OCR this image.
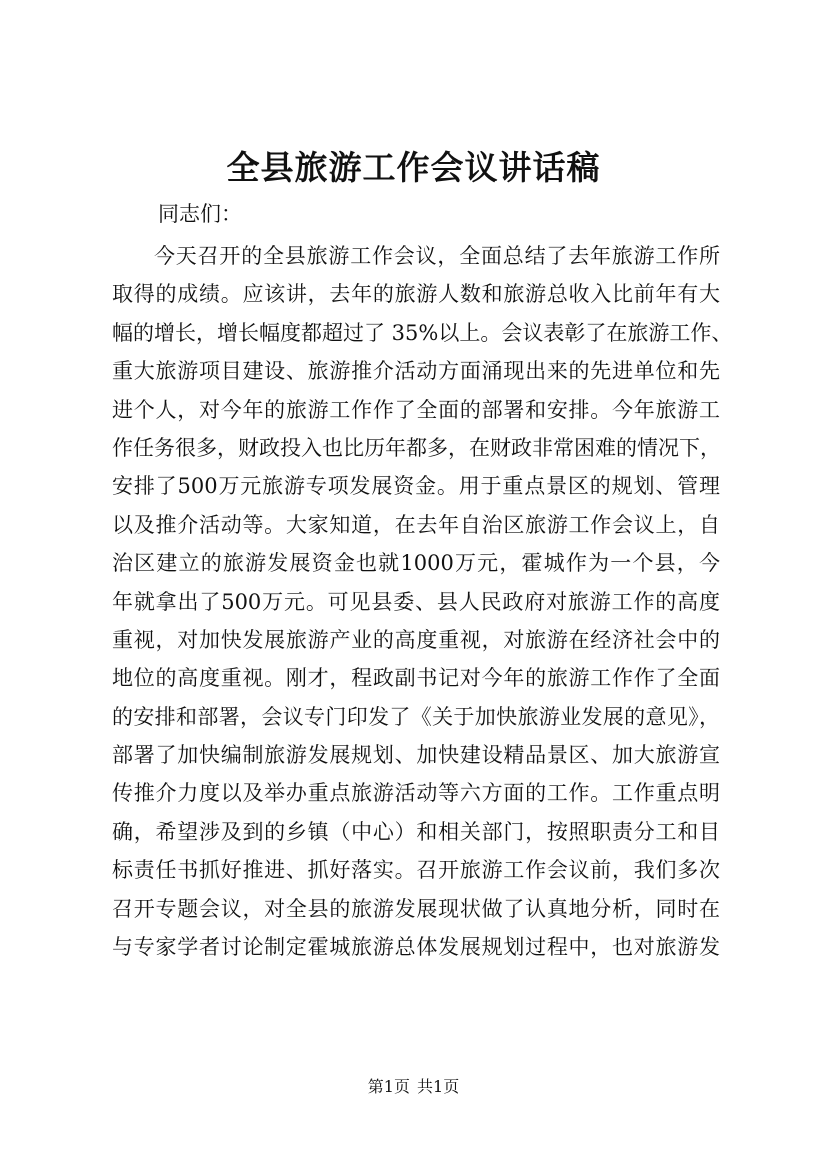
全县旅游工作会议讲话稿
同志们：
今天召开的全县旅游工作会议，全面总结了去年旅游工作所
取得的成绩。应该讲，去年的旅游人数和旅游总收入比前年有大
幅的增长，增长幅度都超过了 35%以上。会议表彰了在旅游工作、
重大旅游项目建设、旅游推介活动方面涌现出来的先进单位和先
进个人，对今年的旅游工作作了全面的部署和安排。今年旅游工
作任务很多，财政投入也比历年都多，在财政非常困难的情况下，
安排了500万元旅游专项发展资金。用于重点景区的规划、管理
以及推介活动等。大家知道，在去年自治区旅游工作会议上，自
治区建立的旅游发展资金也就1000万元，霍城作为一个县，今
年就拿出了500万元。可见县委、县人民政府对旅游工作的高度
重视，对加快发展旅游产业的高度重视，对旅游在经济社会中的
地位的高度重视。刚才，程政副书记对今年的旅游工作作了全面
的安排和部署，会议专门印发了《关于加快旅游业发展的意见》，
部署了加快编制旅游发展规划、加快建设精品景区、加大旅游宣
传推介力度以及举办重点旅游活动等六方面的工作。工作重点明
确，希望涉及到的乡镇（中心）和相关部门，按照职责分工和目
标责任书抓好推进、抓好落实。召开旅游工作会议前，我们多次
召开专题会议，对全县的旅游发展现状做了认真地分析，同时在
与专家学者讨论制定霍城旅游总体发展规划过程中，也对旅游发
第1页 共1页
